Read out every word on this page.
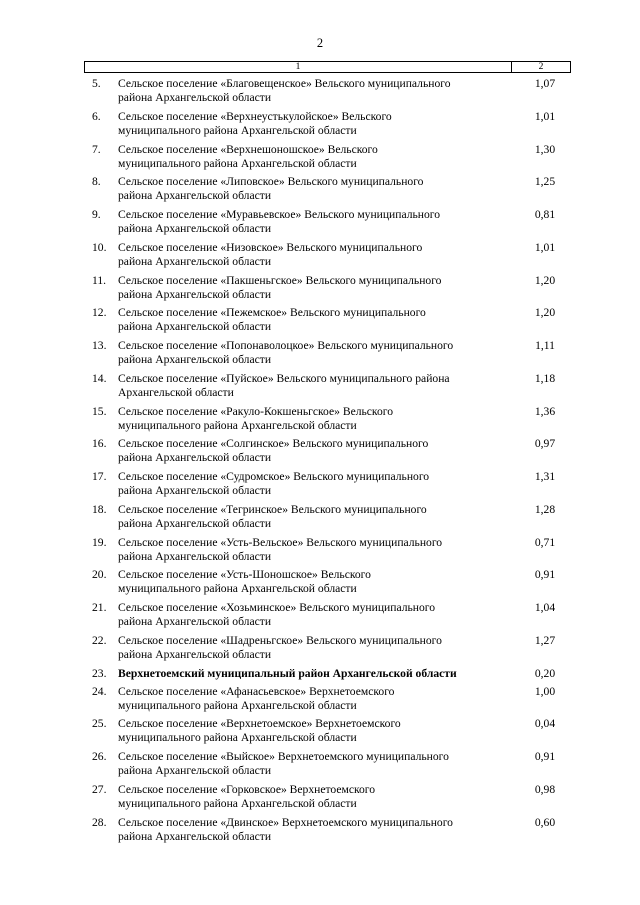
2
1	2
5. Сельское поселение «Благовещенское» Вельского муниципального
района Архангельской области
1,07
6. Сельское поселение «Верхнеустькулойское» Вельского
муниципального района Архангельской области
1,01
7. Сельское поселение «Верхнешоношское» Вельского
муниципального района Архангельской области
1,30
8. Сельское поселение «Липовское» Вельского муниципального
района Архангельской области
1,25
9. Сельское поселение «Муравьевское» Вельского муниципального
района Архангельской области
0,81
10. Сельское поселение «Низовское» Вельского муниципального
района Архангельской области
1,01
11. Сельское поселение «Пакшеньгское» Вельского муниципального
района Архангельской области
1,20
12. Сельское поселение «Пежемское» Вельского муниципального
района Архангельской области
1,20
13. Сельское поселение «Попонаволоцкое» Вельского муниципального
района Архангельской области
1,11
14. Сельское поселение «Пуйское» Вельского муниципального района
Архангельской области
1,18
15. Сельское поселение «Ракуло-Кокшеньгское» Вельского
муниципального района Архангельской области
1,36
16. Сельское поселение «Солгинское» Вельского муниципального
района Архангельской области
0,97
17. Сельское поселение «Судромское» Вельского муниципального
района Архангельской области
1,31
18. Сельское поселение «Тегринское» Вельского муниципального
района Архангельской области
1,28
19. Сельское поселение «Усть-Вельское» Вельского муниципального
района Архангельской области
0,71
20. Сельское поселение «Усть-Шоношское» Вельского
муниципального района Архангельской области
0,91
21. Сельское поселение «Хозьминское» Вельского муниципального
района Архангельской области
1,04
22. Сельское поселение «Шадреньгское» Вельского муниципального
района Архангельской области
1,27
23. Верхнетоемский муниципальный район Архангельской области	0,20
24. Сельское поселение «Афанасьевское» Верхнетоемского
муниципального района Архангельской области
1,00
25. Сельское поселение «Верхнетоемское» Верхнетоемского
муниципального района Архангельской области
0,04
26. Сельское поселение «Выйское» Верхнетоемского муниципального
района Архангельской области
0,91
27. Сельское поселение «Горковское» Верхнетоемского
муниципального района Архангельской области
0,98
28. Сельское поселение «Двинское» Верхнетоемского муниципального
района Архангельской области
0,60
